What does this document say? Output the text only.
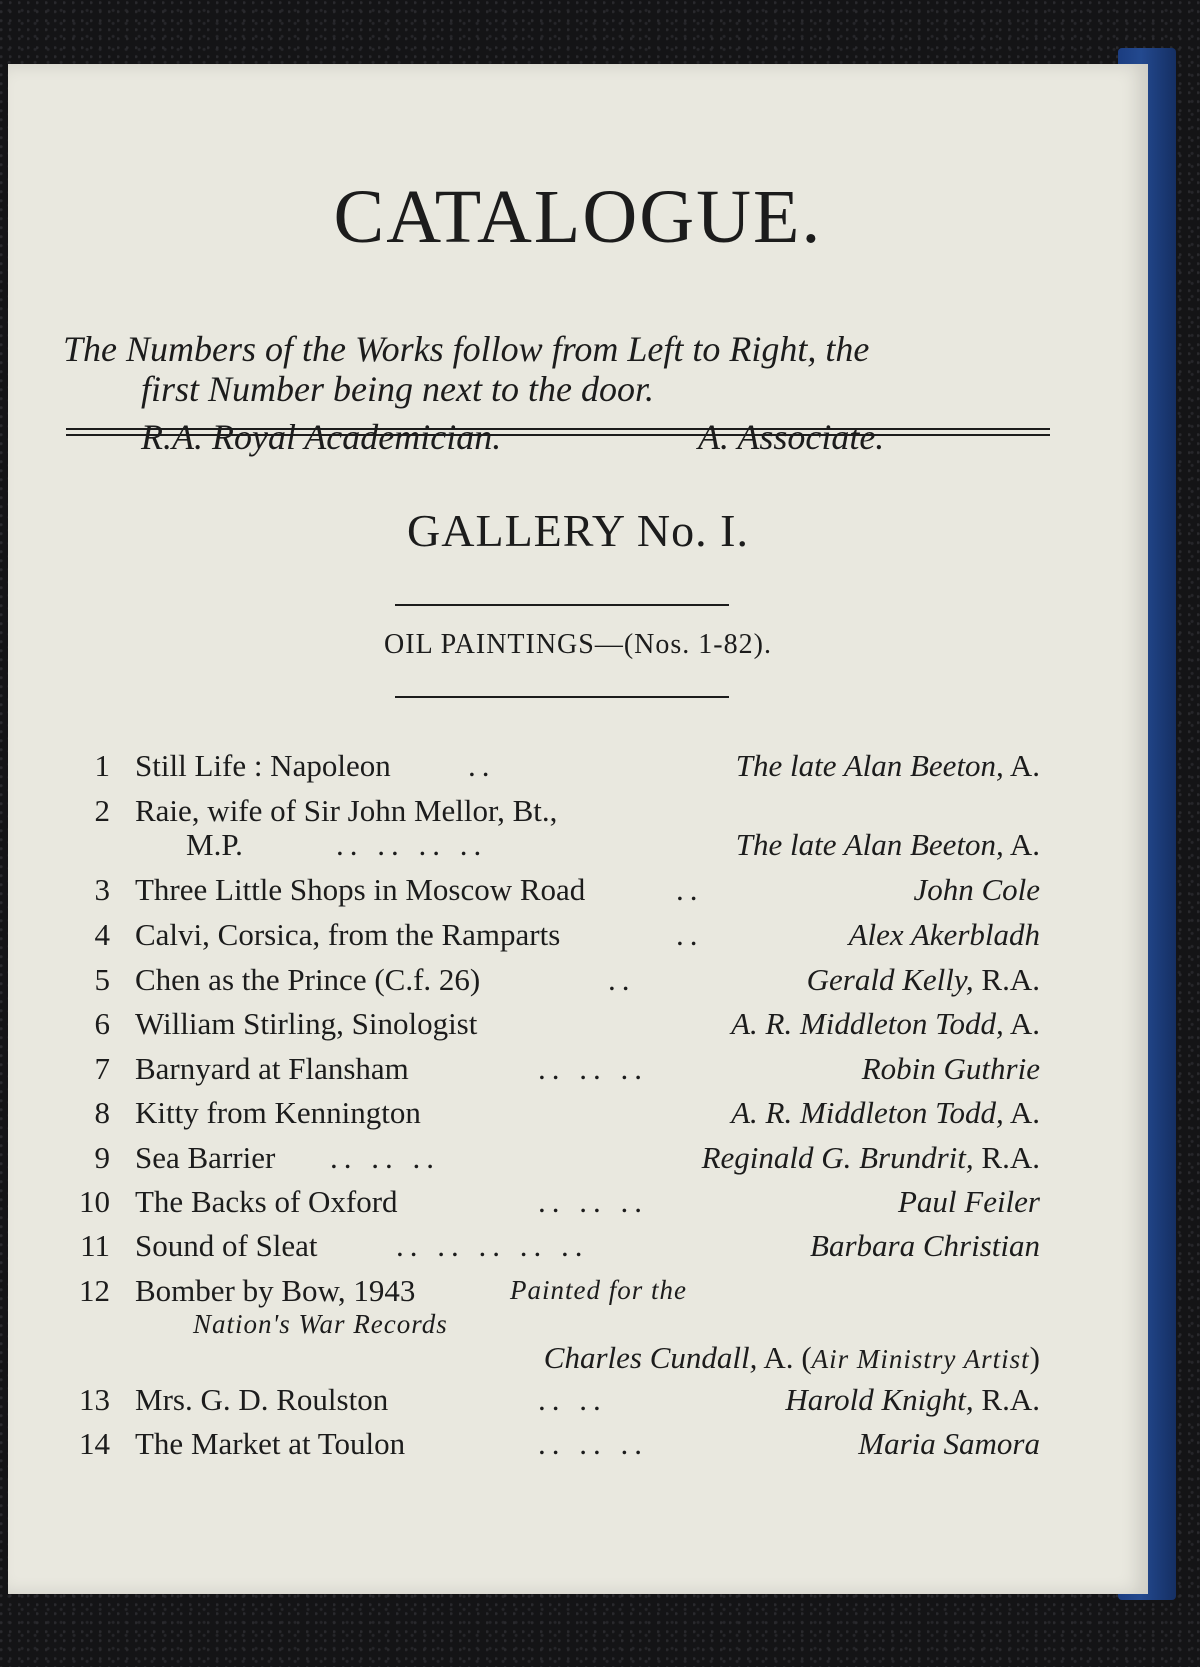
CATALOGUE.
The Numbers of the Works follow from Left to Right, the
first Number being next to the door.
R.A. Royal Academician.	A. Associate.
GALLERY No. I.
OIL PAINTINGS—(Nos. 1-82).
1 Still Life : Napoleon ..	The late Alan Beeton, A.
2 Raie, wife of Sir John Mellor, Bt.,
M.P.	.. .. .. ..	The late Alan Beeton, A.
3 Three Little Shops in Moscow Road	..	John Cole
4 Calvi, Corsica, from the Ramparts	..	Alex Akerbladh
5 Chen as the Prince (C.f. 26)	..	Gerald Kelly, R.A.
6 William Stirling, Sinologist	A. R. Middleton Todd, A.
7 Barnyard at Flansham	.. .. ..	Robin Guthrie
8 Kitty from Kennington	A. R. Middleton Todd, A.
9 Sea Barrier .. .. ..	Reginald G. Brundrit, R.A.
10 The Backs of Oxford	.. .. ..	Paul Feiler
11 Sound of Sleat	.. .. .. .. ..	Barbara Christian
12 Bomber by Bow, 1943	Painted for the
Nation's War Records
Charles Cundall, A. (Air Ministry Artist)
13 Mrs. G. D. Roulston	.. ..	Harold Knight, R.A.
14 The Market at Toulon	.. .. ..	Maria Samora
